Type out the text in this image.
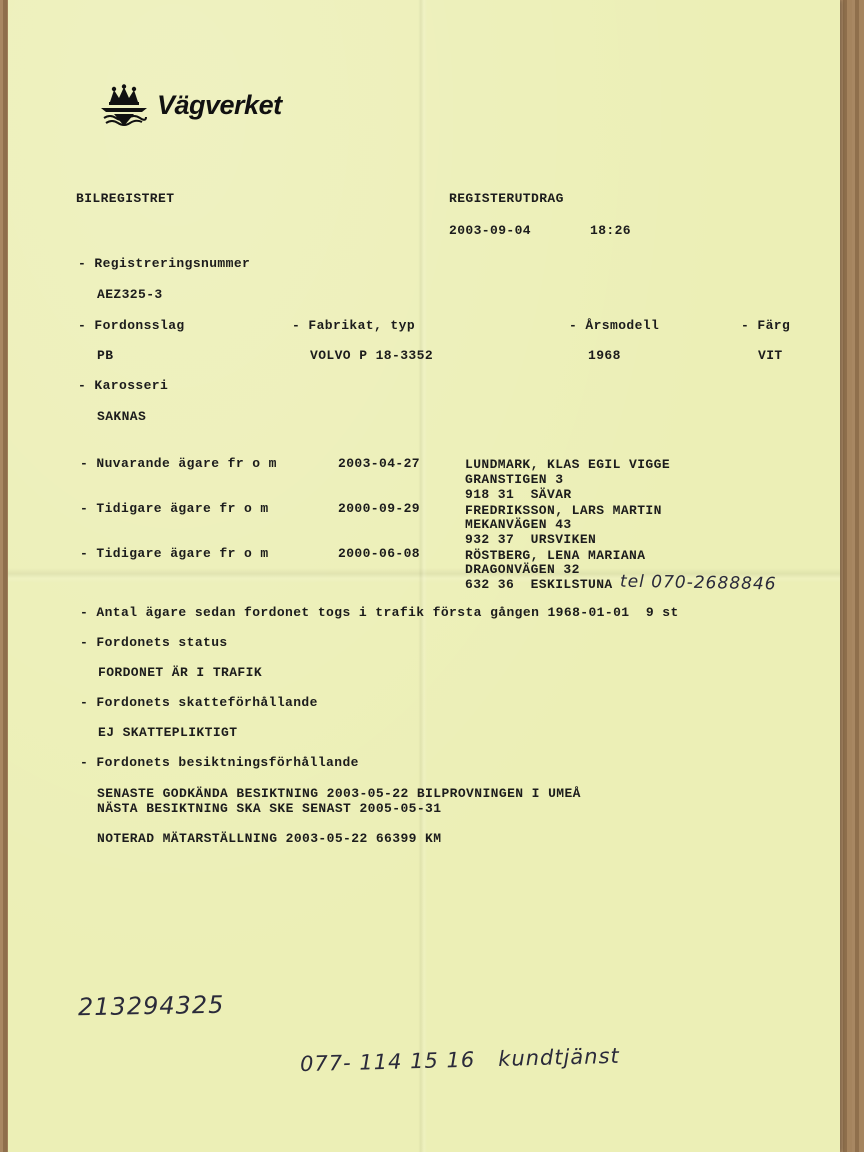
Vägverket
BILREGISTRET	REGISTERUTDRAG
2003-09-04	18:26
- Registreringsnummer
AEZ325-3
- Fordonsslag	- Fabrikat, typ	- Årsmodell	- Färg
PB	VOLVO P 18-3352	1968	VIT
- Karosseri
SAKNAS
- Nuvarande ägare fr o m	2003-04-27	LUNDMARK, KLAS EGIL VIGGE
GRANSTIGEN 3
918 31  SÄVAR
- Tidigare ägare fr o m	2000-09-29	FREDRIKSSON, LARS MARTIN
MEKANVÄGEN 43
932 37  URSVIKEN
- Tidigare ägare fr o m	2000-06-08	RÖSTBERG, LENA MARIANA
DRAGONVÄGEN 32
632 36  ESKILSTUNA tel 070-2688846
- Antal ägare sedan fordonet togs i trafik första gången 1968-01-01  9 st
- Fordonets status
FORDONET ÄR I TRAFIK
- Fordonets skatteförhållande
EJ SKATTEPLIKTIGT
- Fordonets besiktningsförhållande
SENASTE GODKÄNDA BESIKTNING 2003-05-22 BILPROVNINGEN I UMEÅ
NÄSTA BESIKTNING SKA SKE SENAST 2005-05-31
NOTERAD MÄTARSTÄLLNING 2003-05-22 66399 KM
213294325
077- 114 15 16   kundtjänst
